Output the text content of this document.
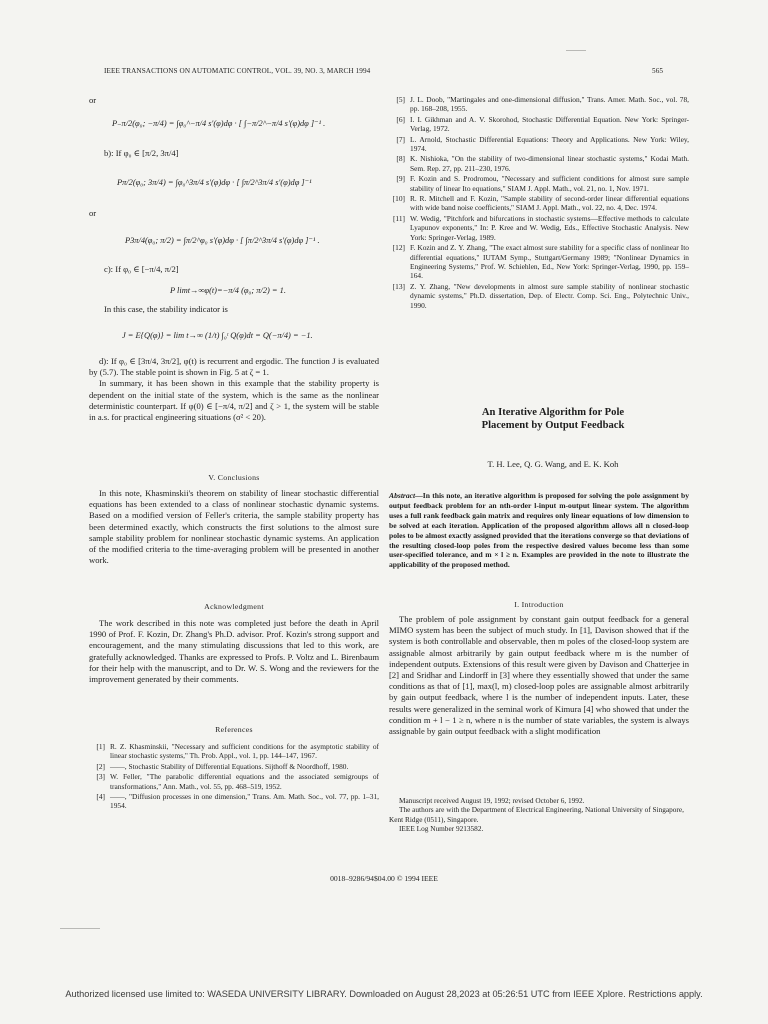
IEEE TRANSACTIONS ON AUTOMATIC CONTROL, VOL. 39, NO. 3, MARCH 1994	565
or
P₋π/2(φ₀; −π/4) = ∫φ₀^−π/4 s′(φ)dφ · [ ∫−π/2^−π/4 s′(φ)dφ ]⁻¹ .
b): If φ₀ ∈ [π/2, 3π/4]
Pπ/2(φ₀; 3π/4) = ∫φ₀^3π/4 s′(φ)dφ · [ ∫π/2^3π/4 s′(φ)dφ ]⁻¹
or
P3π/4(φ₀; π/2) = ∫π/2^φ₀ s′(φ)dφ · [ ∫π/2^3π/4 s′(φ)dφ ]⁻¹ .
c): If φ₀ ∈ [−π/4, π/2]
P limt→∞φ(t)=−π/4 (φ₀; π/2) = 1.
In this case, the stability indicator is
J = E{Q(φ)} = lim t→∞ (1/t) ∫₀ᵗ Q(φ)dt = Q(−π/4) = −1.

d): If φ₀ ∈ [3π/4, 3π/2], φ(t) is recurrent and ergodic. The function J is evaluated by (5.7). The stable point is shown in Fig. 5 at ζ = 1.

In summary, it has been shown in this example that the stability property is dependent on the initial state of the system, which is the same as the nonlinear deterministic counterpart. If φ(0) ∈ [−π/4, π/2] and ζ > 1, the system will be stable in a.s. for practical engineering situations (σ² < 20).

V. Conclusions

In this note, Khasminskii's theorem on stability of linear stochastic differential equations has been extended to a class of nonlinear stochastic dynamic systems. Based on a modified version of Feller's criteria, the sample stability property has been determined exactly, which constructs the first solutions to the almost sure sample stability problem for nonlinear stochastic dynamic systems. An application of the modified criteria to the time-averaging problem will be presented in another work.

Acknowledgment

The work described in this note was completed just before the death in April 1990 of Prof. F. Kozin, Dr. Zhang's Ph.D. advisor. Prof. Kozin's strong support and encouragement, and the many stimulating discussions that led to this work, are gratefully acknowledged. Thanks are expressed to Profs. P. Voltz and L. Birenbaum for their help with the manuscript, and to Dr. W. S. Wong and the reviewers for the improvement generated by their comments.

References
[1] R. Z. Khasminskii, "Necessary and sufficient conditions for the asymptotic stability of linear stochastic systems," Th. Prob. Appl., vol. 1, pp. 144–147, 1967.
[2] ——, Stochastic Stability of Differential Equations. Sijthoff & Noordhoff, 1980.
[3] W. Feller, "The parabolic differential equations and the associated semigroups of transformations," Ann. Math., vol. 55, pp. 468–519, 1952.
[4] ——, "Diffusion processes in one dimension," Trans. Am. Math. Soc., vol. 77, pp. 1–31, 1954.
[5] J. L. Doob, "Martingales and one-dimensional diffusion," Trans. Amer. Math. Soc., vol. 78, pp. 168–208, 1955.
[6] I. I. Gikhman and A. V. Skorohod, Stochastic Differential Equation. New York: Springer-Verlag, 1972.
[7] L. Arnold, Stochastic Differential Equations: Theory and Applications. New York: Wiley, 1974.
[8] K. Nishioka, "On the stability of two-dimensional linear stochastic systems," Kodai Math. Sem. Rep. 27, pp. 211–230, 1976.
[9] F. Kozin and S. Prodromou, "Necessary and sufficient conditions for almost sure sample stability of linear Ito equations," SIAM J. Appl. Math., vol. 21, no. 1, Nov. 1971.
[10] R. R. Mitchell and F. Kozin, "Sample stability of second-order linear differential equations with wide band noise coefficients," SIAM J. Appl. Math., vol. 22, no. 4, Dec. 1974.
[11] W. Wedig, "Pitchfork and bifurcations in stochastic systems—Effective methods to calculate Lyapunov exponents," In: P. Kree and W. Wedig, Eds., Effective Stochastic Analysis. New York: Springer-Verlag, 1989.
[12] F. Kozin and Z. Y. Zhang, "The exact almost sure stability for a specific class of nonlinear Ito differential equations," IUTAM Symp., Stuttgart/Germany 1989; "Nonlinear Dynamics in Engineering Systems," Prof. W. Schiehlen, Ed., New York: Springer-Verlag, 1990, pp. 159–164.
[13] Z. Y. Zhang, "New developments in almost sure sample stability of nonlinear stochastic dynamic systems," Ph.D. dissertation, Dep. of Electr. Comp. Sci. Eng., Polytechnic Univ., 1990.
An Iterative Algorithm for Pole
Placement by Output Feedback
T. H. Lee, Q. G. Wang, and E. K. Koh
Abstract—In this note, an iterative algorithm is proposed for solving the pole assignment by output feedback problem for an nth-order l-input m-output linear system. The algorithm uses a full rank feedback gain matrix and requires only linear equations of low dimension to be solved at each iteration. Application of the proposed algorithm allows all n closed-loop poles to be almost exactly assigned provided that the iterations converge so that deviations of the resulting closed-loop poles from the respective desired values become less than some user-specified tolerance, and m × l ≥ n. Examples are provided in the note to illustrate the applicability of the proposed method.
I. Introduction

The problem of pole assignment by constant gain output feedback for a general MIMO system has been the subject of much study. In [1], Davison showed that if the system is both controllable and observable, then m poles of the closed-loop system are assignable almost arbitrarily by gain output feedback where m is the number of independent outputs. Extensions of this result were given by Davison and Chatterjee in [2] and Sridhar and Lindorff in [3] where they essentially showed that under the same conditions as that of [1], max(l, m) closed-loop poles are assignable almost arbitrarily by gain output feedback, where l is the number of independent inputs. Later, these results were generalized in the seminal work of Kimura [4] who showed that under the condition m + l − 1 ≥ n, where n is the number of state variables, the system is always assignable by gain output feedback with a slight modification

Manuscript received August 19, 1992; revised October 6, 1992.

The authors are with the Department of Electrical Engineering, National University of Singapore, Kent Ridge (0511), Singapore.

IEEE Log Number 9213582.

0018–9286/94$04.00 © 1994 IEEE
Authorized licensed use limited to: WASEDA UNIVERSITY LIBRARY. Downloaded on August 28,2023 at 05:26:51 UTC from IEEE Xplore. Restrictions apply.
